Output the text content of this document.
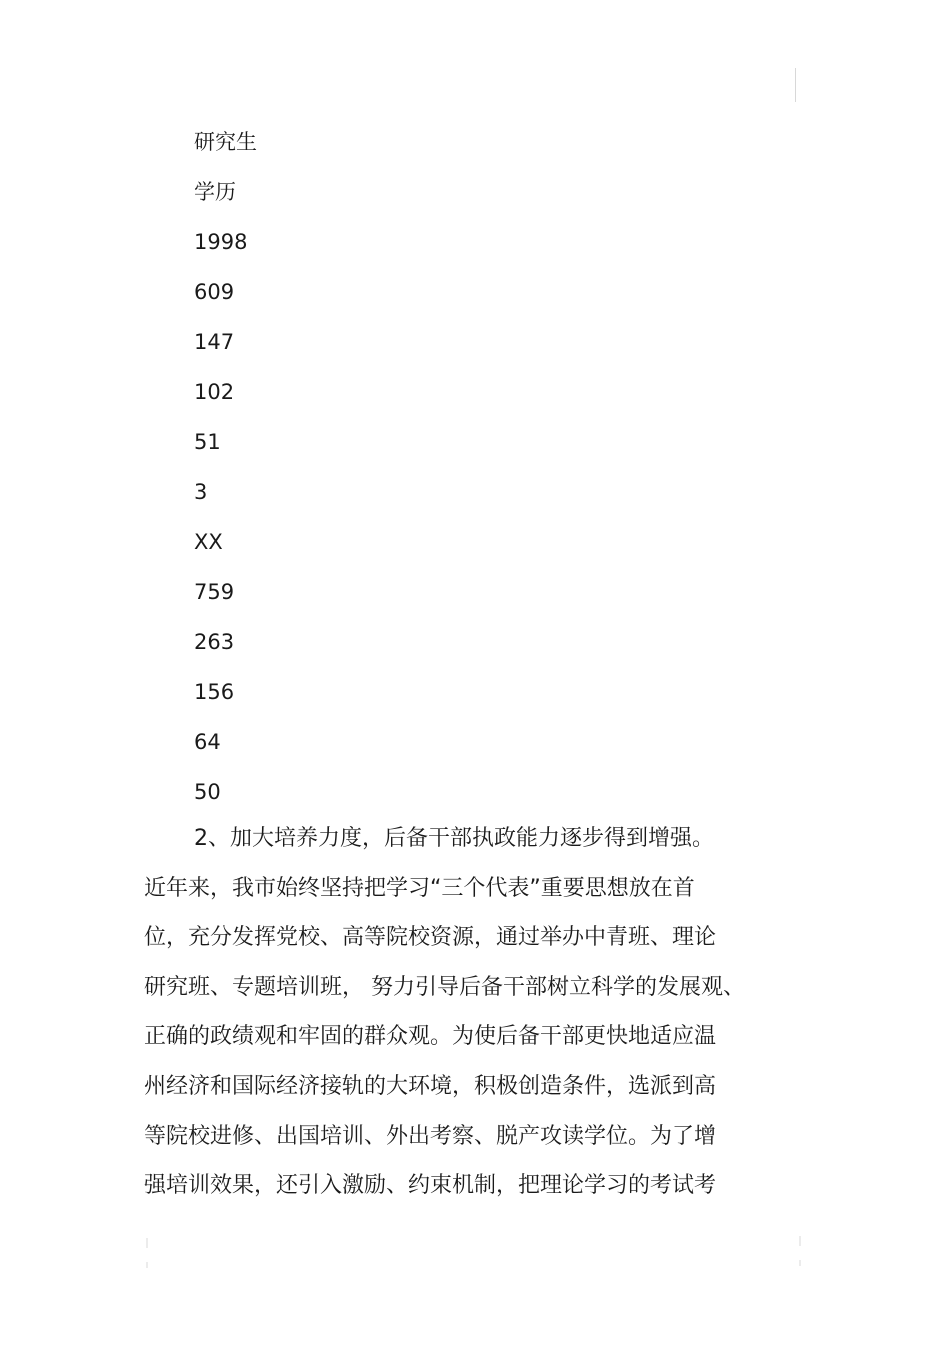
研究生
学历
1998
609
147
102
51
3
XX
759
263
156
64
50

2、加大培养力度，后备干部执政能力逐步得到增强。
近年来，我市始终坚持把学习“三个代表”重要思想放在首
位，充分发挥党校、高等院校资源，通过举办中青班、理论
研究班、专题培训班， 努力引导后备干部树立科学的发展观、
正确的政绩观和牢固的群众观。为使后备干部更快地适应温
州经济和国际经济接轨的大环境，积极创造条件，选派到高
等院校进修、出国培训、外出考察、脱产攻读学位。为了增
强培训效果，还引入激励、约束机制，把理论学习的考试考
